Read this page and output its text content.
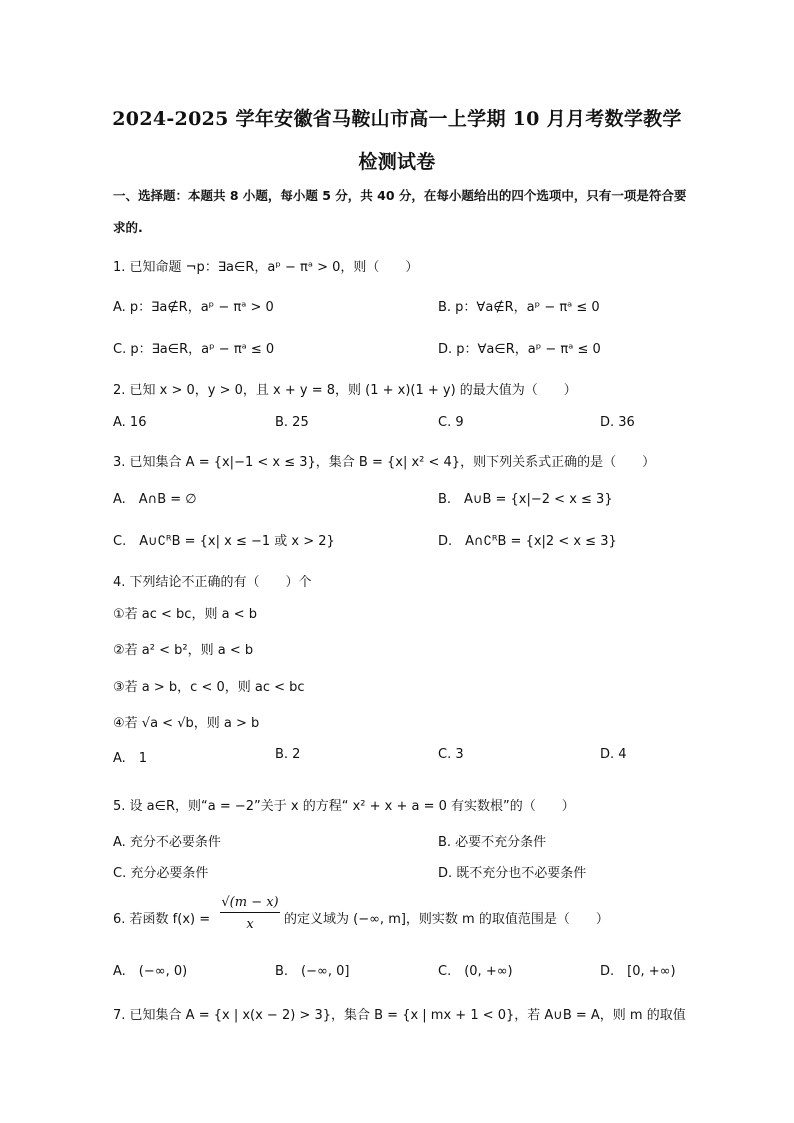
2024-2025 学年安徽省马鞍山市高一上学期 10 月月考数学教学
检测试卷
一、选择题：本题共 8 小题，每小题 5 分，共 40 分，在每小题给出的四个选项中，只有一项是符合要求的.
1. 已知命题 ¬p：∃a∈R，aᵖ − πᵃ > 0，则（　　）
A. p：∃a∉R，aᵖ − πᵃ > 0	B. p：∀a∉R，aᵖ − πᵃ ≤ 0
C. p：∃a∈R，aᵖ − πᵃ ≤ 0	D. p：∀a∈R，aᵖ − πᵃ ≤ 0
2. 已知 x > 0，y > 0，且 x + y = 8，则 (1 + x)(1 + y) 的最大值为（　　）
A. 16	B. 25	C. 9	D. 36
3. 已知集合 A = {x|−1 < x ≤ 3}，集合 B = {x| x² < 4}，则下列关系式正确的是（　　）
A.　A∩B = ∅	B.　A∪B = {x|−2 < x ≤ 3}
C.　A∪∁ᴿB = {x| x ≤ −1 或 x > 2}	D.　A∩∁ᴿB = {x|2 < x ≤ 3}
4. 下列结论不正确的有（　　）个
①若 ac < bc，则 a < b
②若 a² < b²，则 a < b
③若 a > b，c < 0，则 ac < bc
④若 √a < √b，则 a > b
A.　1	B. 2	C. 3	D. 4
5. 设 a∈R，则“a = −2”关于 x 的方程“ x² + x + a = 0 有实数根”的（　　）
A. 充分不必要条件	B. 必要不充分条件
C. 充分必要条件	D. 既不充分也不必要条件
6. 若函数 $f(x) = \frac{√(m - x)}{x}$ 的定义域为 (−∞, m]，则实数 m 的取值范围是（　　）
A.　(−∞, 0)	B.　(−∞, 0]	C.　(0, +∞)	D.　[0, +∞)
7. 已知集合 A = {x | x(x − 2) > 3}，集合 B = {x | mx + 1 < 0}，若 A∪B = A，则 m 的取值
